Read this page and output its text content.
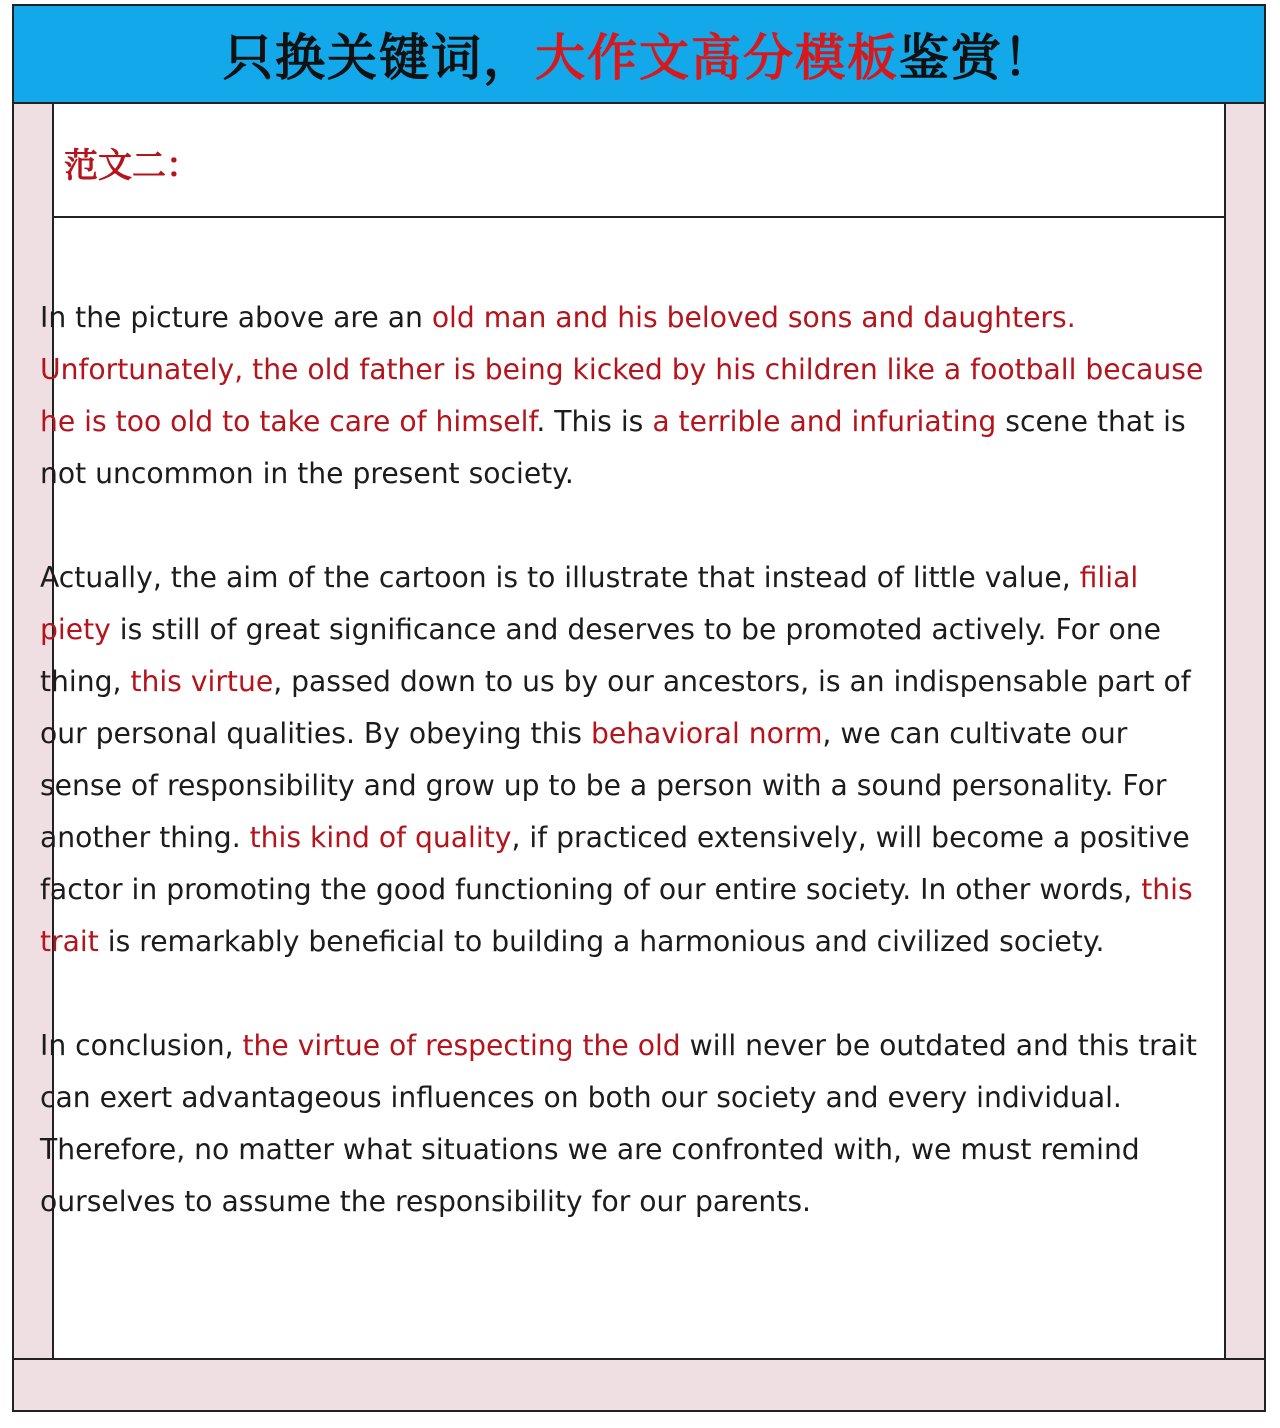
只换关键词，大作文高分模板鉴赏！
范文二：

In the picture above are an old man and his beloved sons and daughters. Unfortunately, the old father is being kicked by his children like a football because he is too old to take care of himself. This is a terrible and infuriating scene that is not uncommon in the present society.

Actually, the aim of the cartoon is to illustrate that instead of little value, filial piety is still of great significance and deserves to be promoted actively. For one thing, this virtue, passed down to us by our ancestors, is an indispensable part of our personal qualities. By obeying this behavioral norm, we can cultivate our sense of responsibility and grow up to be a person with a sound personality. For another thing. this kind of quality, if practiced extensively, will become a positive factor in promoting the good functioning of our entire society. In other words, this trait is remarkably beneficial to building a harmonious and civilized society.

In conclusion, the virtue of respecting the old will never be outdated and this trait can exert advantageous influences on both our society and every individual. Therefore, no matter what situations we are confronted with, we must remind ourselves to assume the responsibility for our parents.
